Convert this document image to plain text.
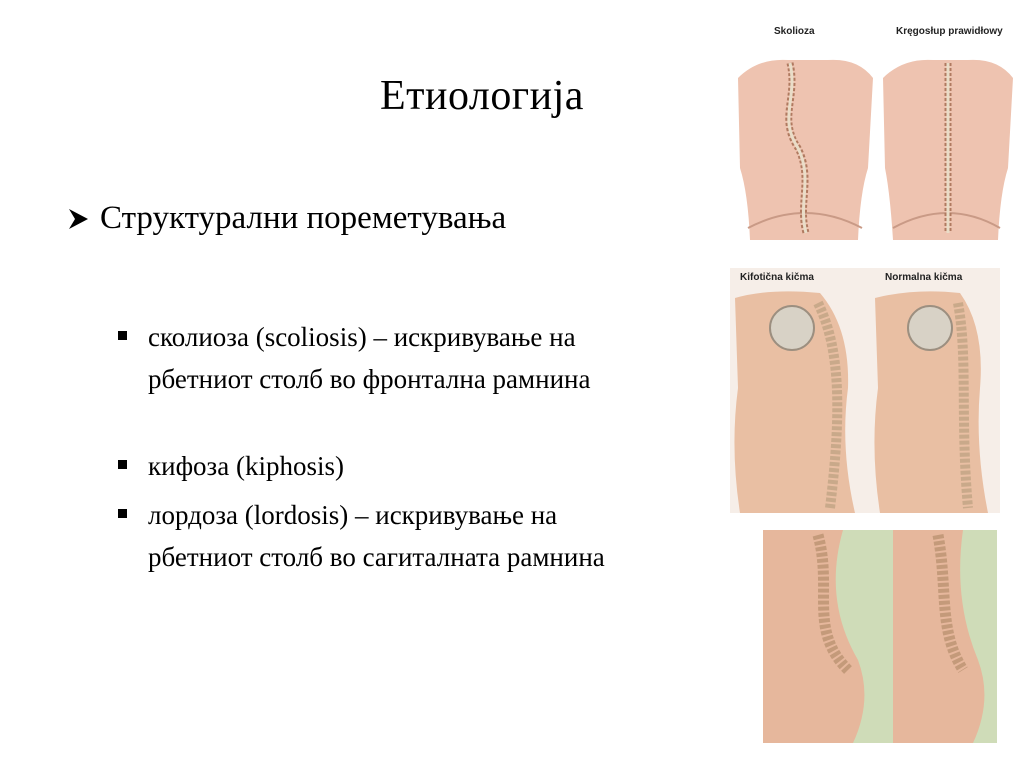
Етиологија
Структурални пореметувања
сколиоза (scoliosis) – искривување на рбетниот столб во фронтална рамнина
кифоза (kiphosis)
лордоза (lordosis) – искривување на рбетниот столб во сагиталната рамнина
Skolioza	Kręgosłup prawidłowy
Kifotična kičma	Normalna kičma
